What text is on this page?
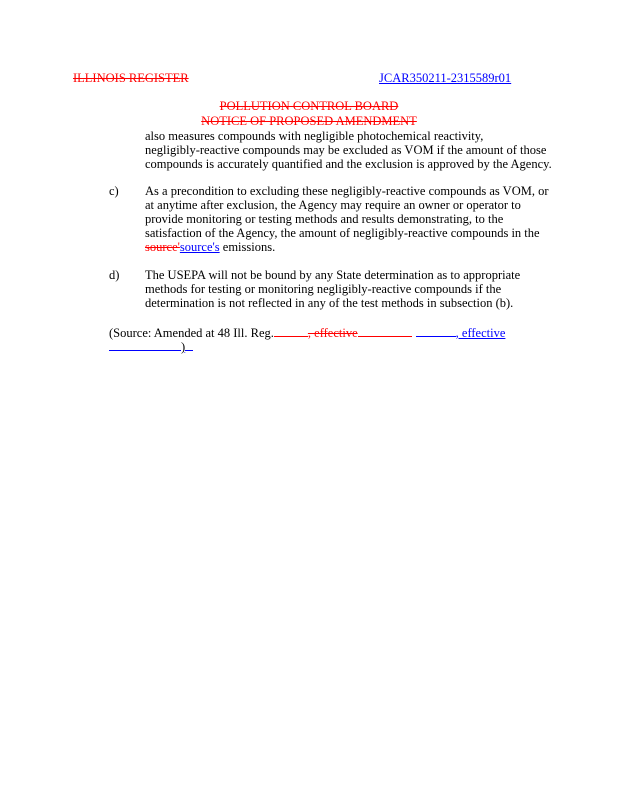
ILLINOIS REGISTER	JCAR350211-2315589r01
POLLUTION CONTROL BOARD
NOTICE OF PROPOSED AMENDMENT
also measures compounds with negligible photochemical reactivity,
negligibly-reactive compounds may be excluded as VOM if the amount of those
compounds is accurately quantified and the exclusion is approved by the Agency.
c) As a precondition to excluding these negligibly-reactive compounds as VOM, or
at anytime after exclusion, the Agency may require an owner or operator to
provide monitoring or testing methods and results demonstrating, to the
satisfaction of the Agency, the amount of negligibly-reactive compounds in the
source'source's emissions.
d) The USEPA will not be bound by any State determination as to appropriate
methods for testing or monitoring negligibly-reactive compounds if the
determination is not reflected in any of the test methods in subsection (b).
(Source: Amended at 48 Ill. Reg.	, effective	, effective
)
